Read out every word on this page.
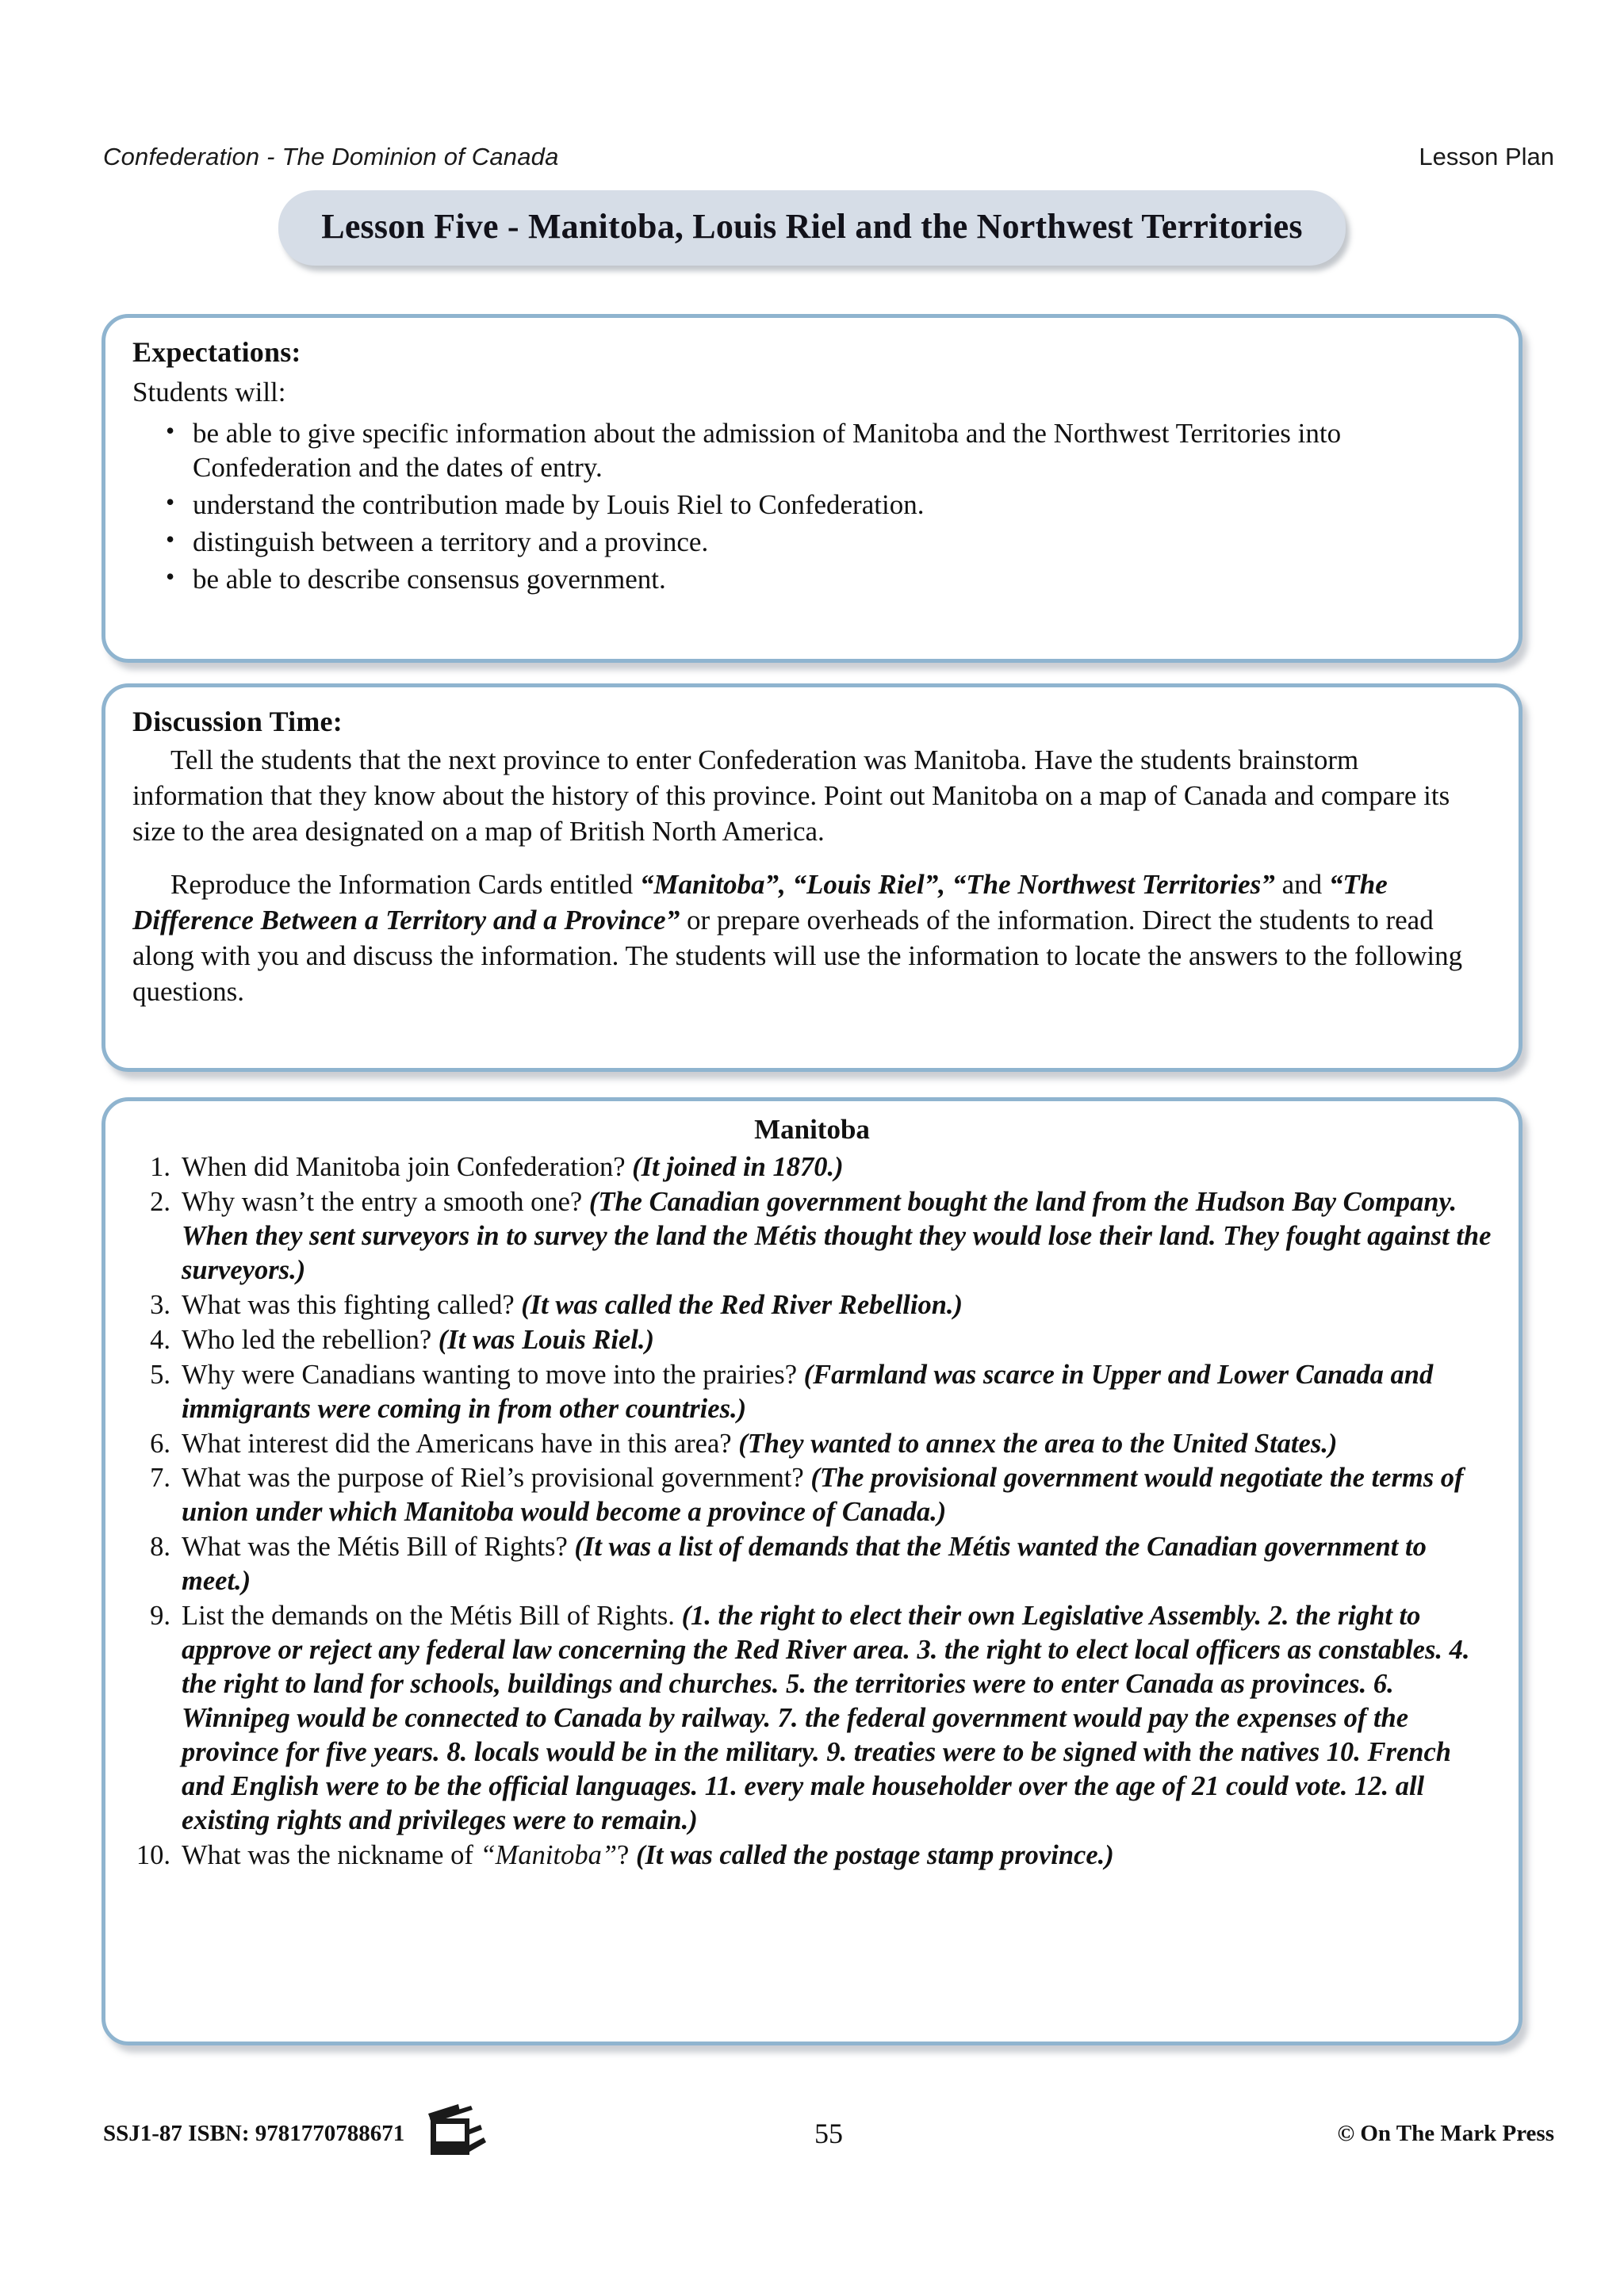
Confederation - The Dominion of Canada	Lesson Plan
Lesson Five - Manitoba, Louis Riel and the Northwest Territories
Expectations:
Students will:
• be able to give specific information about the admission of Manitoba and the Northwest Territories into Confederation and the dates of entry.
• understand the contribution made by Louis Riel to Confederation.
• distinguish between a territory and a province.
• be able to describe consensus government.
Discussion Time:

Tell the students that the next province to enter Confederation was Manitoba. Have the students brainstorm information that they know about the history of this province. Point out Manitoba on a map of Canada and compare its size to the area designated on a map of British North America.

Reproduce the Information Cards entitled “Manitoba”, “Louis Riel”, “The Northwest Territories” and “The Difference Between a Territory and a Province” or prepare overheads of the information. Direct the students to read along with you and discuss the information. The students will use the information to locate the answers to the following questions.

Manitoba
When did Manitoba join Confederation? (It joined in 1870.)
Why wasn’t the entry a smooth one? (The Canadian government bought the land from the Hudson Bay Company. When they sent surveyors in to survey the land the Métis thought they would lose their land. They fought against the surveyors.)
What was this fighting called? (It was called the Red River Rebellion.)
Who led the rebellion? (It was Louis Riel.)
Why were Canadians wanting to move into the prairies? (Farmland was scarce in Upper and Lower Canada and immigrants were coming in from other countries.)
What interest did the Americans have in this area? (They wanted to annex the area to the United States.)
What was the purpose of Riel’s provisional government? (The provisional government would negotiate the terms of union under which Manitoba would become a province of Canada.)
What was the Métis Bill of Rights? (It was a list of demands that the Métis wanted the Canadian government to meet.)
List the demands on the Métis Bill of Rights. (1. the right to elect their own Legislative Assembly. 2. the right to approve or reject any federal law concerning the Red River area. 3. the right to elect local officers as constables. 4. the right to land for schools, buildings and churches. 5. the territories were to enter Canada as provinces. 6. Winnipeg would be connected to Canada by railway. 7. the federal government would pay the expenses of the province for five years. 8. locals would be in the military. 9. treaties were to be signed with the natives 10. French and English were to be the official languages. 11. every male householder over the age of 21 could vote. 12. all existing rights and privileges were to remain.)
What was the nickname of “Manitoba”? (It was called the postage stamp province.)
SSJ1-87 ISBN: 9781770788671	55	© On The Mark Press
